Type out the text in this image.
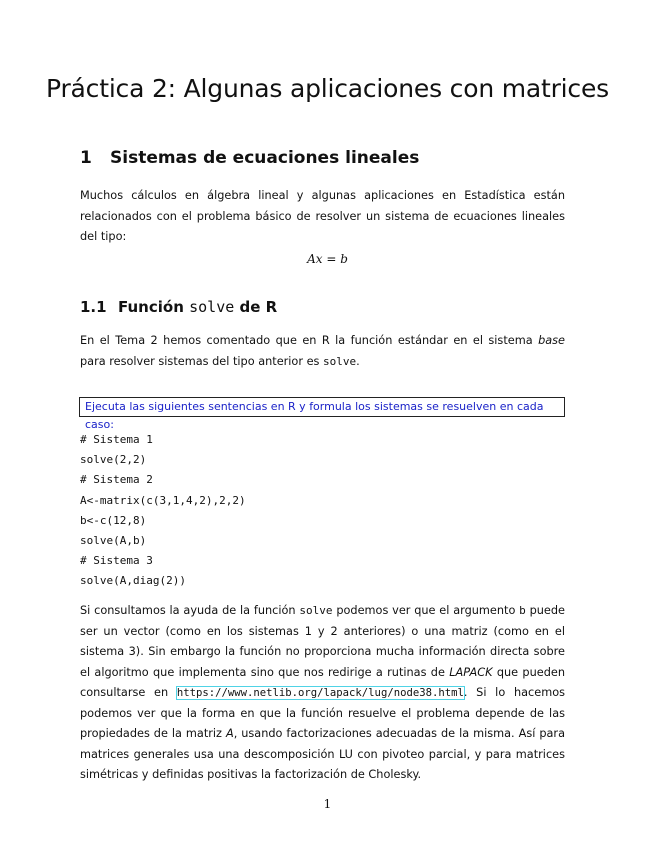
Práctica 2: Algunas aplicaciones con matrices
1 Sistemas de ecuaciones lineales

Muchos cálculos en álgebra lineal y algunas aplicaciones en Estadística están relacionados con el problema básico de resolver un sistema de ecuaciones lineales del tipo:

Ax = b
1.1 Función solve de R

En el Tema 2 hemos comentado que en R la función estándar en el sistema base para resolver sistemas del tipo anterior es solve.

Ejecuta las siguientes sentencias en R y formula los sistemas se resuelven en cada caso:
# Sistema 1
solve(2,2)
# Sistema 2
A<-matrix(c(3,1,4,2),2,2)
b<-c(12,8)
solve(A,b)
# Sistema 3
solve(A,diag(2))

Si consultamos la ayuda de la función solve podemos ver que el argumento b puede ser un vector (como en los sistemas 1 y 2 anteriores) o una matriz (como en el sistema 3). Sin embargo la función no proporciona mucha información directa sobre el algoritmo que implementa sino que nos redirige a rutinas de LAPACK que pueden consultarse en https://www.netlib.org/lapack/lug/node38.html. Si lo hacemos podemos ver que la forma en que la función resuelve el problema depende de las propiedades de la matriz A, usando factorizaciones adecuadas de la misma. Así para matrices generales usa una descomposición LU con pivoteo parcial, y para matrices simétricas y definidas positivas la factorización de Cholesky.

1
